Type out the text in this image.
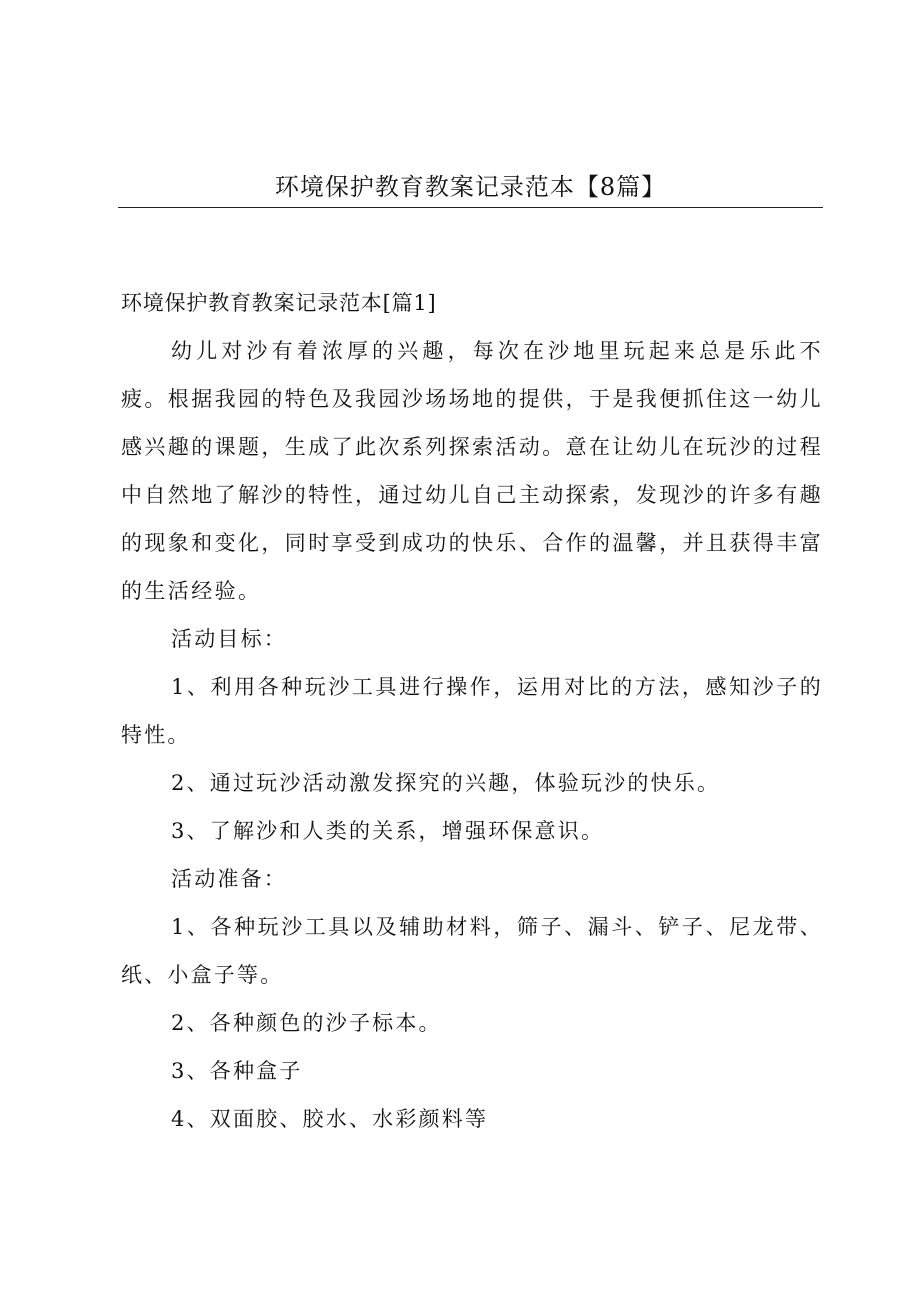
环境保护教育教案记录范本【8篇】

环境保护教育教案记录范本[篇1]

幼儿对沙有着浓厚的兴趣，每次在沙地里玩起来总是乐此不疲。根据我园的特色及我园沙场场地的提供，于是我便抓住这一幼儿感兴趣的课题，生成了此次系列探索活动。意在让幼儿在玩沙的过程中自然地了解沙的特性，通过幼儿自己主动探索，发现沙的许多有趣的现象和变化，同时享受到成功的快乐、合作的温馨，并且获得丰富的生活经验。

活动目标：

1、利用各种玩沙工具进行操作，运用对比的方法，感知沙子的特性。

2、通过玩沙活动激发探究的兴趣，体验玩沙的快乐。

3、了解沙和人类的关系，增强环保意识。

活动准备：

1、各种玩沙工具以及辅助材料，筛子、漏斗、铲子、尼龙带、纸、小盒子等。

2、各种颜色的沙子标本。

3、各种盒子

4、双面胶、胶水、水彩颜料等
